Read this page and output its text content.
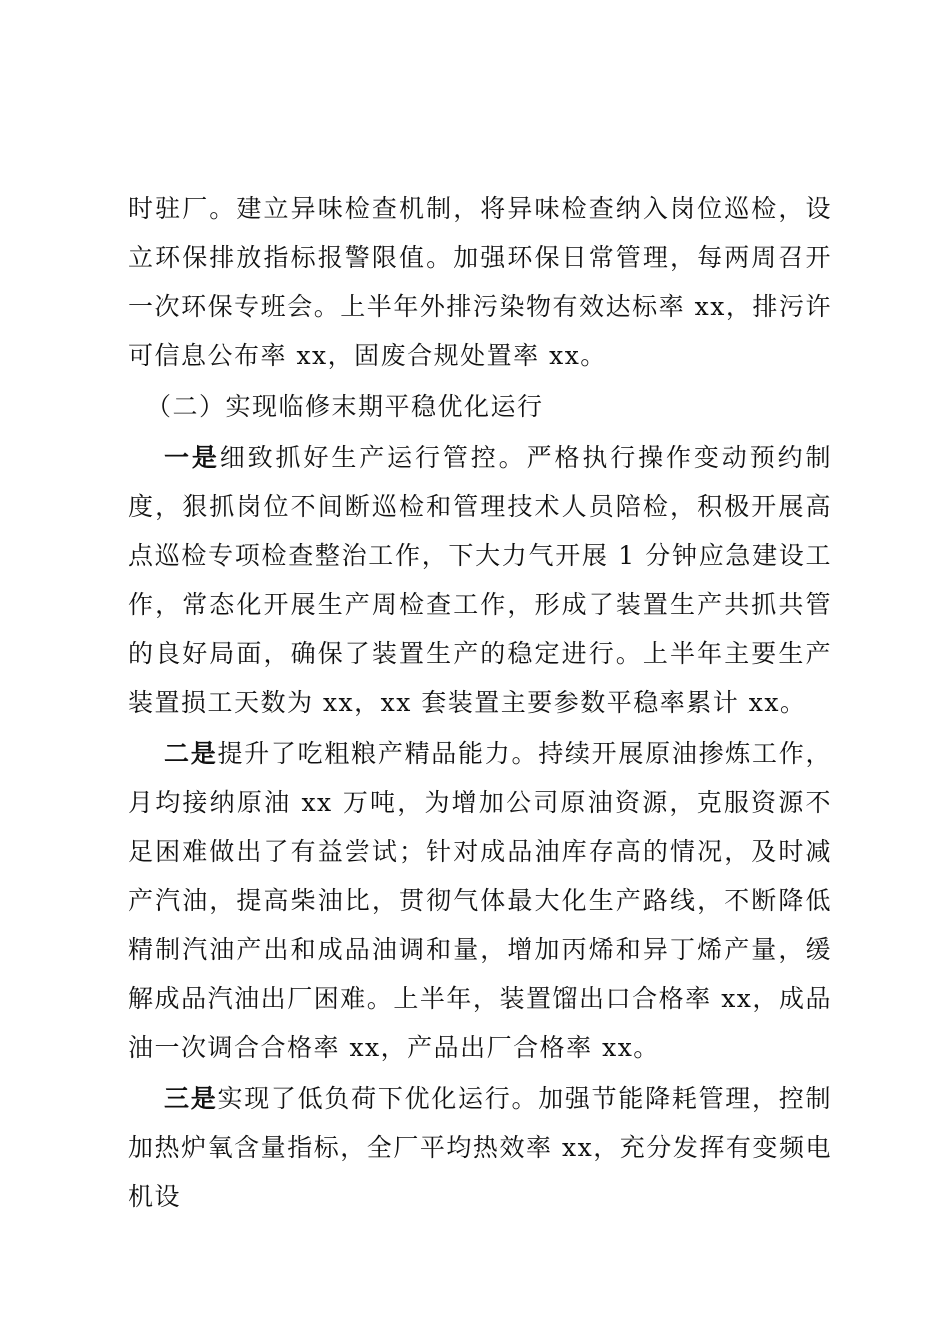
时驻厂。建立异味检查机制，将异味检查纳入岗位巡检，设立环保排放指标报警限值。加强环保日常管理，每两周召开一次环保专班会。上半年外排污染物有效达标率 xx，排污许可信息公布率 xx，固废合规处置率 xx。

（二）实现临修末期平稳优化运行

一是细致抓好生产运行管控。严格执行操作变动预约制度，狠抓岗位不间断巡检和管理技术人员陪检，积极开展高点巡检专项检查整治工作，下大力气开展 1 分钟应急建设工作，常态化开展生产周检查工作，形成了装置生产共抓共管的良好局面，确保了装置生产的稳定进行。上半年主要生产装置损工天数为 xx，xx 套装置主要参数平稳率累计 xx。

二是提升了吃粗粮产精品能力。持续开展原油掺炼工作，月均接纳原油 xx 万吨，为增加公司原油资源，克服资源不足困难做出了有益尝试；针对成品油库存高的情况，及时减产汽油，提高柴油比，贯彻气体最大化生产路线，不断降低精制汽油产出和成品油调和量，增加丙烯和异丁烯产量，缓解成品汽油出厂困难。上半年，装置馏出口合格率 xx，成品油一次调合合格率 xx，产品出厂合格率 xx。

三是实现了低负荷下优化运行。加强节能降耗管理，控制加热炉氧含量指标，全厂平均热效率 xx，充分发挥有变频电机设
